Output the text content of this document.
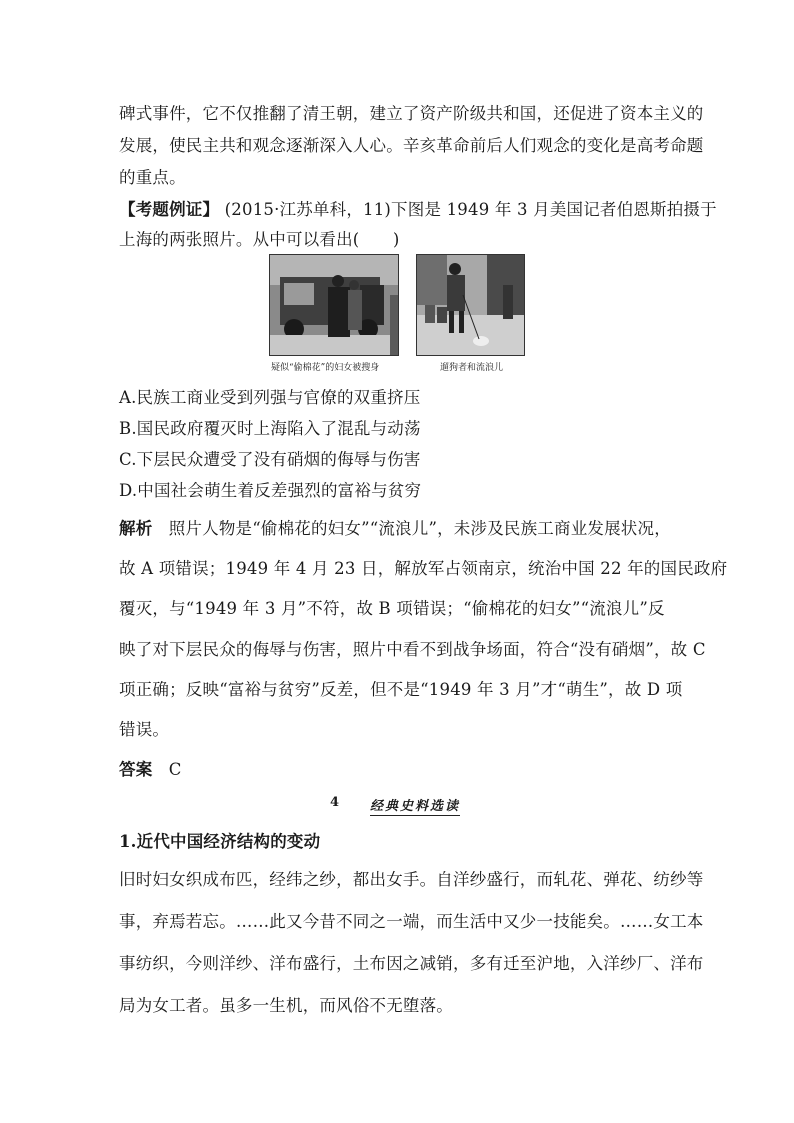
碑式事件，它不仅推翻了清王朝，建立了资产阶级共和国，还促进了资本主义的
发展，使民主共和观念逐渐深入人心。辛亥革命前后人们观念的变化是高考命题
的重点。
【考题例证】 (2015·江苏单科，11)下图是 1949 年 3 月美国记者伯恩斯拍摄于
上海的两张照片。从中可以看出(　　)
疑似“偷棉花”的妇女被搜身	遛狗者和流浪儿
A.民族工商业受到列强与官僚的双重挤压
B.国民政府覆灭时上海陷入了混乱与动荡
C.下层民众遭受了没有硝烟的侮辱与伤害
D.中国社会萌生着反差强烈的富裕与贫穷
解析 照片人物是“偷棉花的妇女”“流浪儿”，未涉及民族工商业发展状况，
故 A 项错误；1949 年 4 月 23 日，解放军占领南京，统治中国 22 年的国民政府
覆灭，与“1949 年 3 月”不符，故 B 项错误；“偷棉花的妇女”“流浪儿”反
映了对下层民众的侮辱与伤害，照片中看不到战争场面，符合“没有硝烟”，故 C
项正确；反映“富裕与贫穷”反差，但不是“1949 年 3 月”才“萌生”，故 D 项
错误。
答案 C
4 经典史料选读
1.近代中国经济结构的变动
旧时妇女织成布匹，经纬之纱，都出女手。自洋纱盛行，而轧花、弹花、纺纱等
事，弃焉若忘。……此又今昔不同之一端，而生活中又少一技能矣。……女工本
事纺织，今则洋纱、洋布盛行，土布因之减销，多有迁至沪地，入洋纱厂、洋布
局为女工者。虽多一生机，而风俗不无堕落。
